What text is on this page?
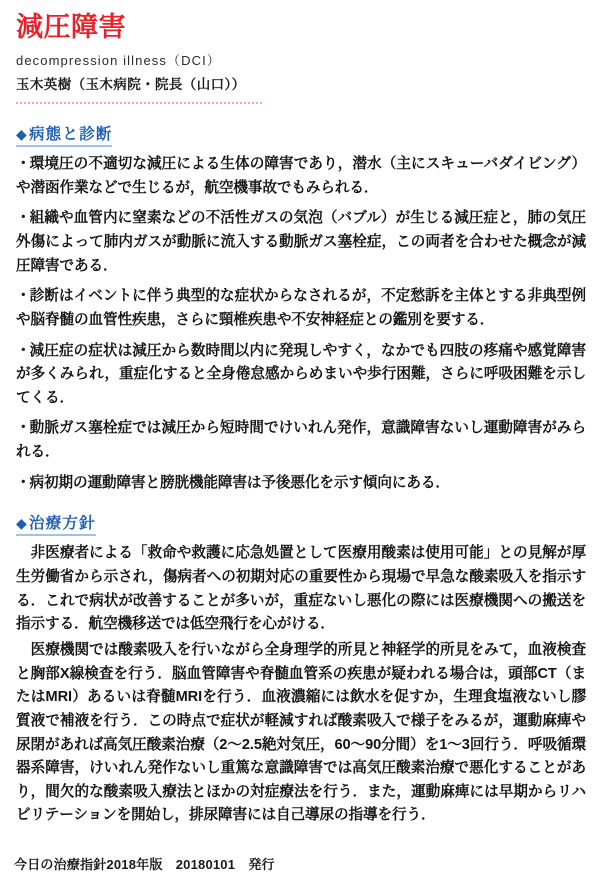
減圧障害
decompression illness（DCI）
玉木英樹（玉木病院・院長（山口））
◆病態と診断
・ 環境圧の不適切な減圧による生体の障害であり，潜水（主にスキューバダイビング）や潜函作業などで生じるが，航空機事故でもみられる．
・ 組織や血管内に窒素などの不活性ガスの気泡（バブル）が生じる減圧症と，肺の気圧外傷によって肺内ガスが動脈に流入する動脈ガス塞栓症，この両者を合わせた概念が減圧障害である．
・ 診断はイベントに伴う典型的な症状からなされるが，不定愁訴を主体とする非典型例や脳脊髄の血管性疾患，さらに頸椎疾患や不安神経症との鑑別を要する．
・ 減圧症の症状は減圧から数時間以内に発現しやすく，なかでも四肢の疼痛や感覚障害が多くみられ，重症化すると全身倦怠感からめまいや歩行困難，さらに呼吸困難を示してくる．
・ 動脈ガス塞栓症では減圧から短時間でけいれん発作，意識障害ないし運動障害がみられる．
・ 病初期の運動障害と膀胱機能障害は予後悪化を示す傾向にある．
◆治療方針

非医療者による「救命や救護に応急処置として医療用酸素は使用可能」との見解が厚生労働省から示され，傷病者への初期対応の重要性から現場で早急な酸素吸入を指示する．これで病状が改善することが多いが，重症ないし悪化の際には医療機関への搬送を指示する．航空機移送では低空飛行を心がける．

医療機関では酸素吸入を行いながら全身理学的所見と神経学的所見をみて，血液検査と胸部X線検査を行う．脳血管障害や脊髄血管系の疾患が疑われる場合は，頭部CT（またはMRI）あるいは脊髄MRIを行う．血液濃縮には飲水を促すか，生理食塩液ないし膠質液で補液を行う．この時点で症状が軽減すれば酸素吸入で様子をみるが，運動麻痺や尿閉があれば高気圧酸素治療（2〜2.5絶対気圧，60〜90分間）を1〜3回行う．呼吸循環器系障害，けいれん発作ないし重篤な意識障害では高気圧酸素治療で悪化することがあり，間欠的な酸素吸入療法とほかの対症療法を行う．また，運動麻痺には早期からリハビリテーションを開始し，排尿障害には自己導尿の指導を行う．

今日の治療指針2018年版　20180101　発行
